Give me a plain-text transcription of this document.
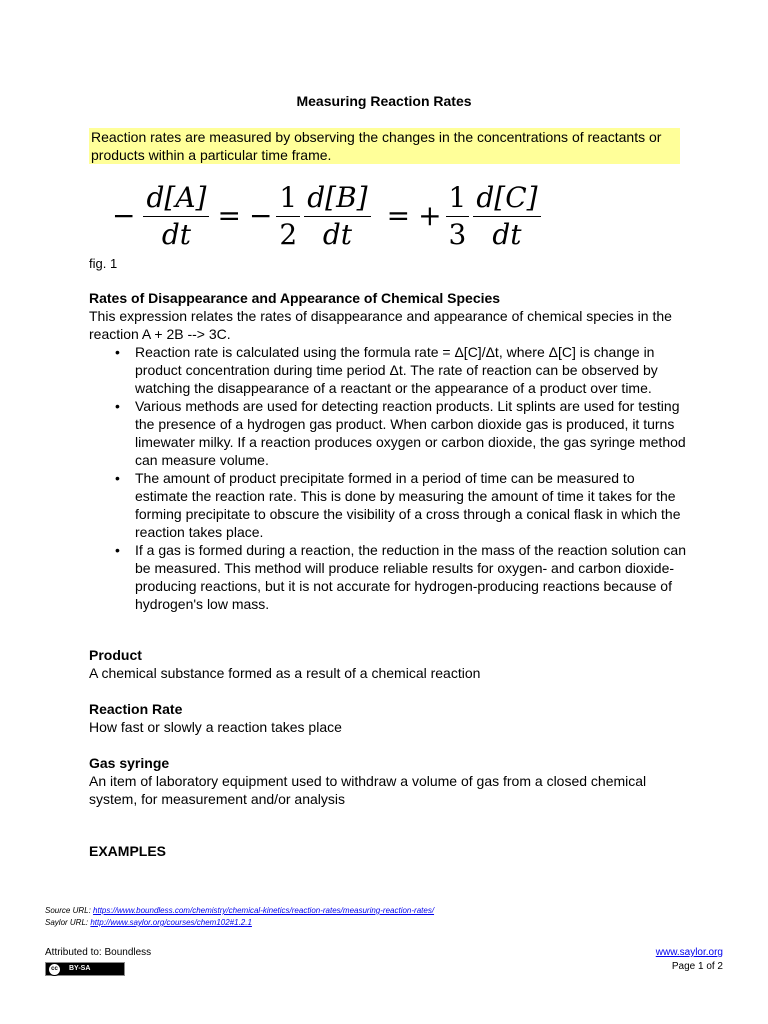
Measuring Reaction Rates
Reaction rates are measured by observing the changes in the concentrations of reactants or products within a particular time frame.
− $\frac{d[A]}{dt}$ = − $\frac{1}{2} \frac{d[B]}{dt}$ = + $\frac{1}{3} \frac{d[C]}{dt}$
fig. 1
Rates of Disappearance and Appearance of Chemical Species
This expression relates the rates of disappearance and appearance of chemical species in the reaction A + 2B --> 3C.
• Reaction rate is calculated using the formula rate = Δ[C]/Δt, where Δ[C] is change in product concentration during time period Δt. The rate of reaction can be observed by watching the disappearance of a reactant or the appearance of a product over time.
• Various methods are used for detecting reaction products. Lit splints are used for testing the presence of a hydrogen gas product. When carbon dioxide gas is produced, it turns limewater milky. If a reaction produces oxygen or carbon dioxide, the gas syringe method can measure volume.
• The amount of product precipitate formed in a period of time can be measured to estimate the reaction rate. This is done by measuring the amount of time it takes for the forming precipitate to obscure the visibility of a cross through a conical flask in which the reaction takes place.
• If a gas is formed during a reaction, the reduction in the mass of the reaction solution can be measured. This method will produce reliable results for oxygen- and carbon dioxide-producing reactions, but it is not accurate for hydrogen-producing reactions because of hydrogen's low mass.
Product
A chemical substance formed as a result of a chemical reaction
Reaction Rate
How fast or slowly a reaction takes place
Gas syringe
An item of laboratory equipment used to withdraw a volume of gas from a closed chemical system, for measurement and/or analysis
EXAMPLES
Source URL: https://www.boundless.com/chemistry/chemical-kinetics/reaction-rates/measuring-reaction-rates/
Saylor URL: http://www.saylor.org/courses/chem102#1.2.1
Attributed to: Boundless
cc	BY-SA
www.saylor.org
Page 1 of 2
